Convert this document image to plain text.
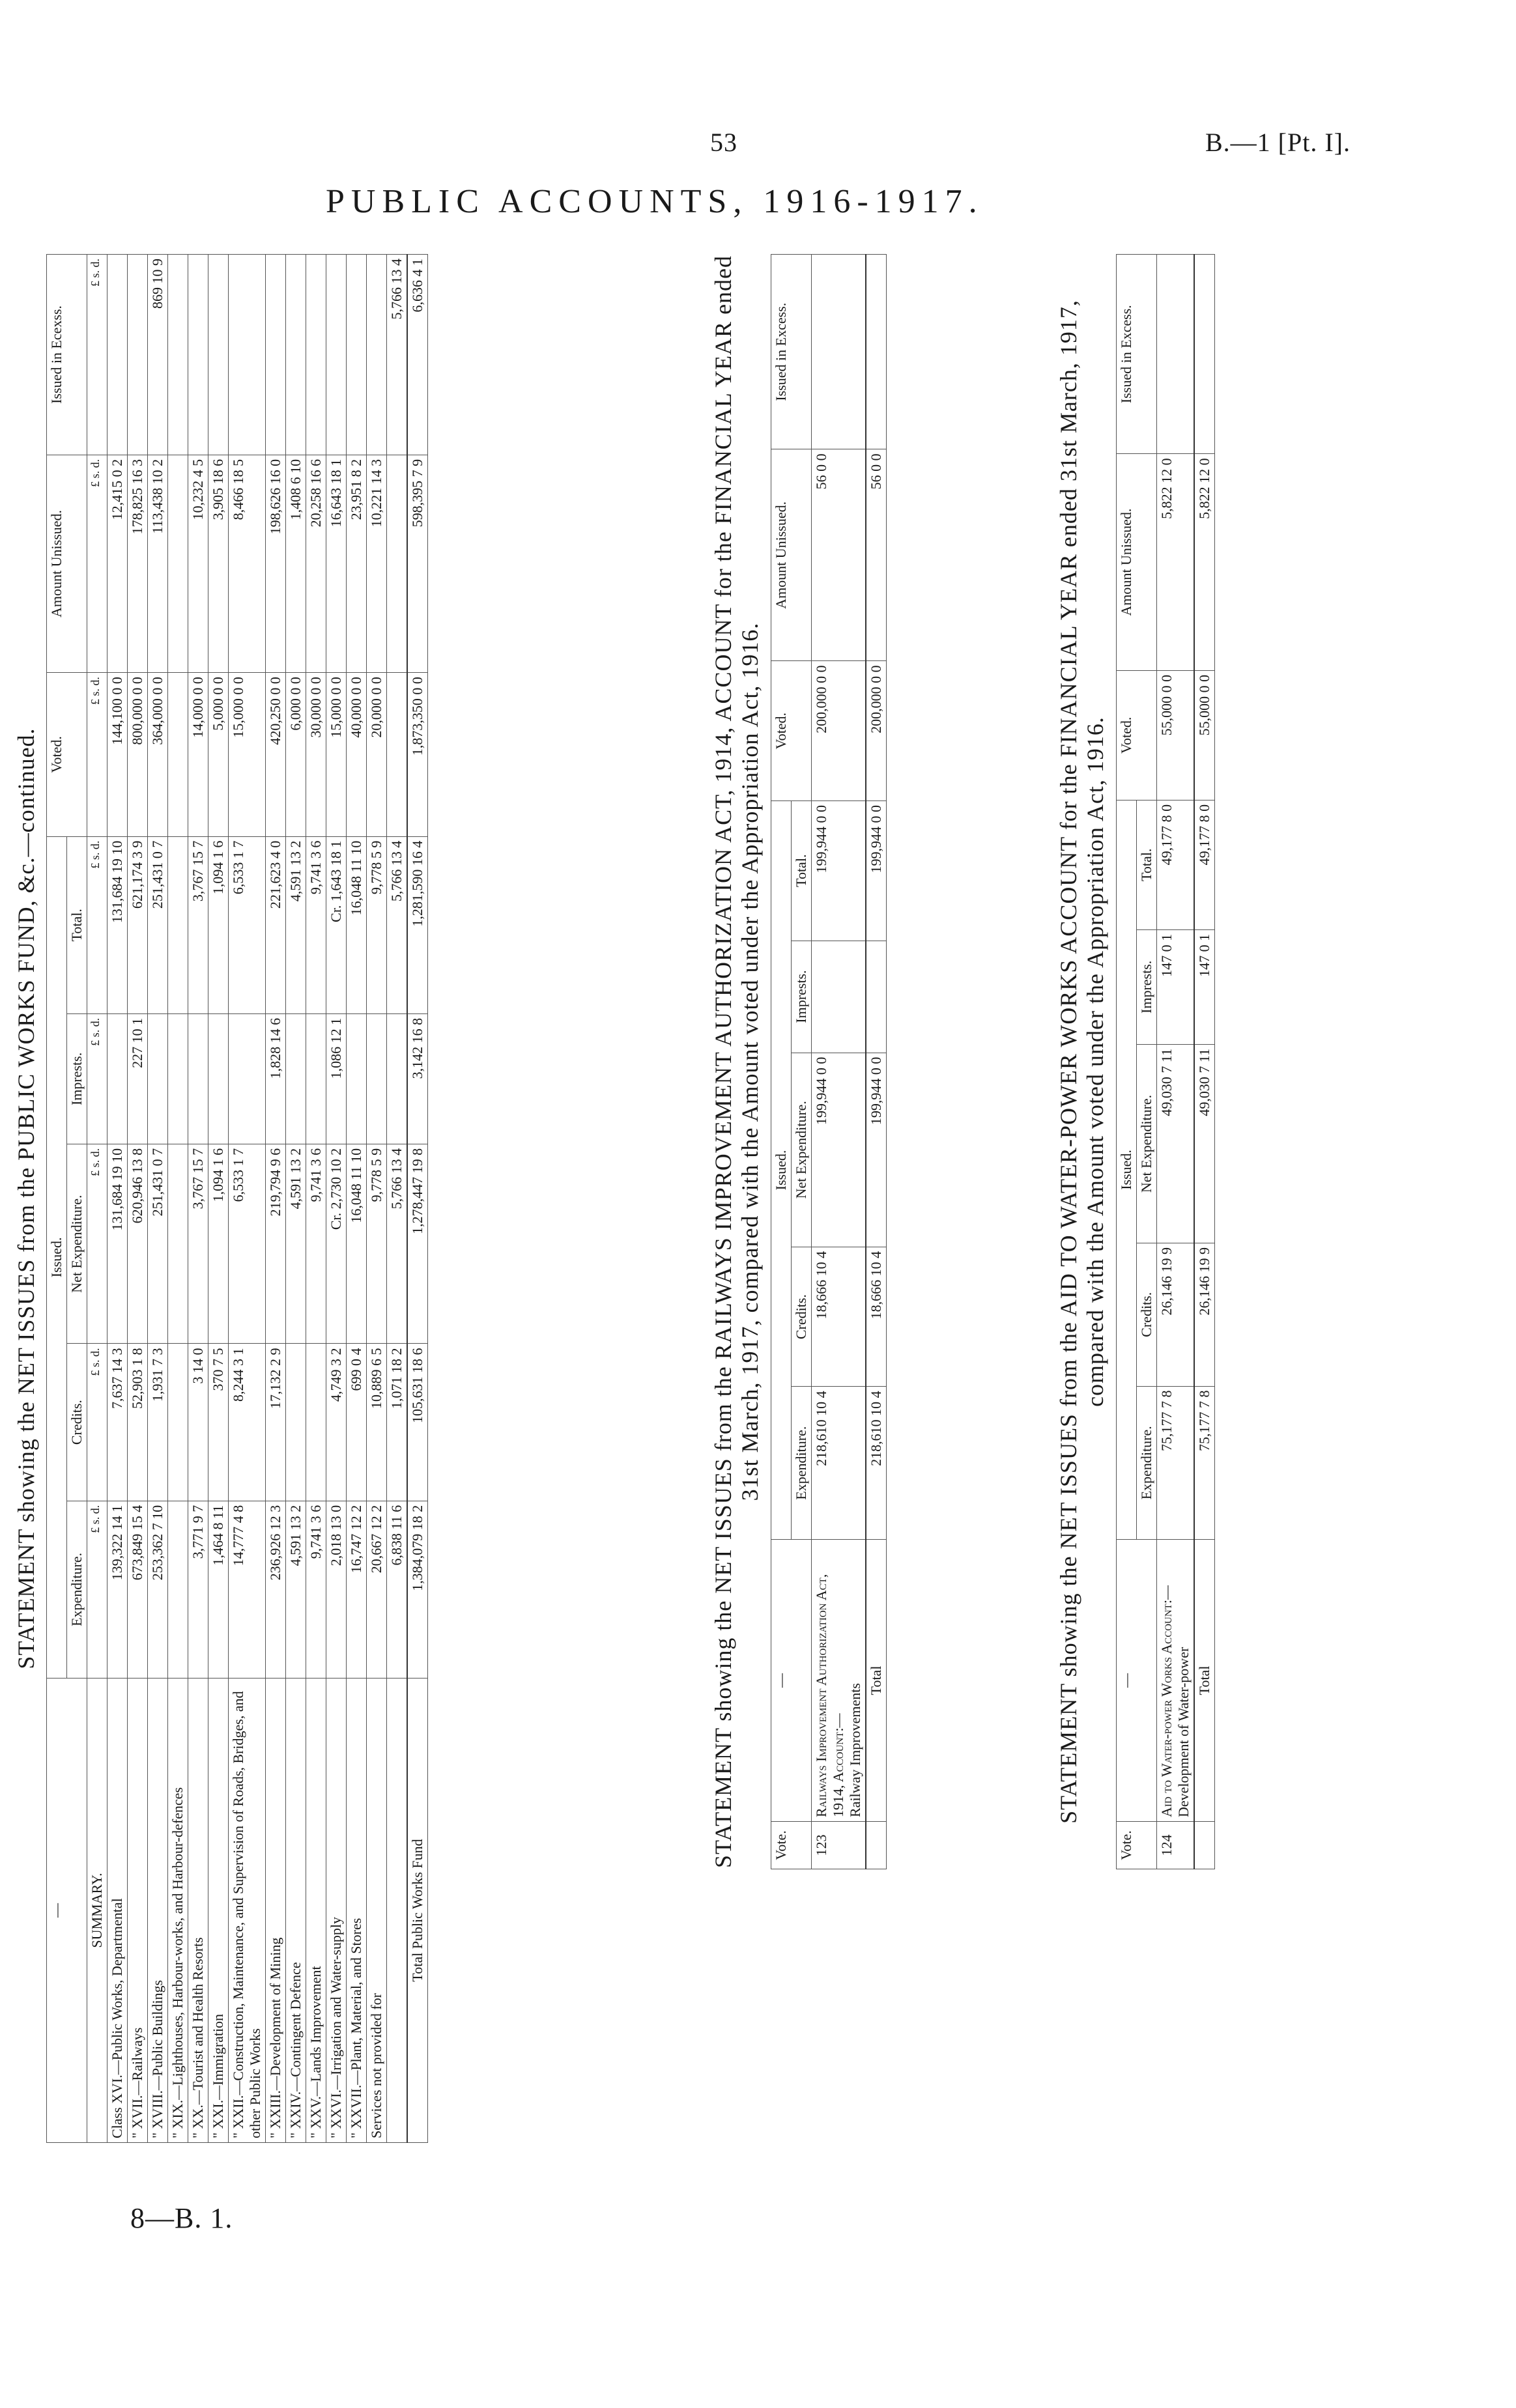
53	B.—1 [Pt. I].
PUBLIC ACCOUNTS, 1916-1917.
STATEMENT showing the NET ISSUES from the PUBLIC WORKS FUND, &c.—continued.
—	Issued.					Voted.	Amount Unissued.	Issued in Ecexss.
	Expenditure.	Credits.	Net Expenditure.	Imprests.	Total.			
SUMMARY.	£ s. d.	£ s. d.	£ s. d.	£ s. d.	£ s. d.	£ s. d.	£ s. d.	£ s. d.
Class XVI.—Public Works, Departmental	139,322 14 1	7,637 14 3	131,684 19 10		131,684 19 10	144,100 0 0	12,415 0 2	
" XVII.—Railways	673,849 15 4	52,903 1 8	620,946 13 8	227 10 1	621,174 3 9	800,000 0 0	178,825 16 3	
" XVIII.—Public Buildings	253,362 7 10	1,931 7 3	251,431 0 7		251,431 0 7	364,000 0 0	113,438 10 2	869 10 9
" XIX.—Lighthouses, Harbour-works, and Harbour-defences								
" XX.—Tourist and Health Resorts	3,771 9 7	3 14 0	3,767 15 7		3,767 15 7	14,000 0 0	10,232 4 5	
" XXI.—Immigration	1,464 8 11	370 7 5	1,094 1 6		1,094 1 6	5,000 0 0	3,905 18 6	
" XXII.—Construction, Maintenance, and Supervision of Roads, Bridges, and other Public Works	14,777 4 8	8,244 3 1	6,533 1 7		6,533 1 7	15,000 0 0	8,466 18 5	
" XXIII.—Development of Mining	236,926 12 3	17,132 2 9	219,794 9 6	1,828 14 6	221,623 4 0	420,250 0 0	198,626 16 0	
" XXIV.—Contingent Defence	4,591 13 2		4,591 13 2		4,591 13 2	6,000 0 0	1,408 6 10	
" XXV.—Lands Improvement	9,741 3 6		9,741 3 6		9,741 3 6	30,000 0 0	20,258 16 6	
" XXVI.—Irrigation and Water-supply	2,018 13 0	4,749 3 2	Cr. 2,730 10 2	1,086 12 1	Cr. 1,643 18 1	15,000 0 0	16,643 18 1	
" XXVII.—Plant, Material, and Stores	16,747 12 2	699 0 4	16,048 11 10		16,048 11 10	40,000 0 0	23,951 8 2	
Services not provided for	20,667 12 2	10,889 6 5	9,778 5 9		9,778 5 9	20,000 0 0	10,221 14 3	
	6,838 11 6	1,071 18 2	5,766 13 4		5,766 13 4			5,766 13 4
Total Public Works Fund	1,384,079 18 2	105,631 18 6	1,278,447 19 8	3,142 16 8	1,281,590 16 4	1,873,350 0 0	598,395 7 9	6,636 4 1	STATEMENT showing the NET ISSUES from the RAILWAYS IMPROVEMENT AUTHORIZATION ACT, 1914, ACCOUNT for the FINANCIAL YEAR ended 31st March, 1917, compared with the Amount voted under the Appropriation Act, 1916.
Vote.	—	Issued.					Voted.	Amount Unissued.	Issued in Excess.
		Expenditure.	Credits.	Net Expenditure.	Imprests.	Total.			
123	Railways Improvement Authorization Act, 1914, Account:— Railway Improvements	218,610 10 4	18,666 10 4	199,944 0 0		199,944 0 0	200,000 0 0	56 0 0	
	Total	218,610 10 4	18,666 10 4	199,944 0 0		199,944 0 0	200,000 0 0	56 0 0		STATEMENT showing the NET ISSUES from the AID TO WATER-POWER WORKS ACCOUNT for the FINANCIAL YEAR ended 31st March, 1917, compared with the Amount voted under the Appropriation Act, 1916.
Vote.	—	Issued.					Voted.	Amount Unissued.	Issued in Excess.
		Expenditure.	Credits.	Net Expenditure.	Imprests.	Total.			
124	Aid to Water-power Works Account:— Development of Water-power	75,177 7 8	26,146 19 9	49,030 7 11	147 0 1	49,177 8 0	55,000 0 0	5,822 12 0	
	Total	75,177 7 8	26,146 19 9	49,030 7 11	147 0 1	49,177 8 0	55,000 0 0	5,822 12 0	
8—B. 1.
